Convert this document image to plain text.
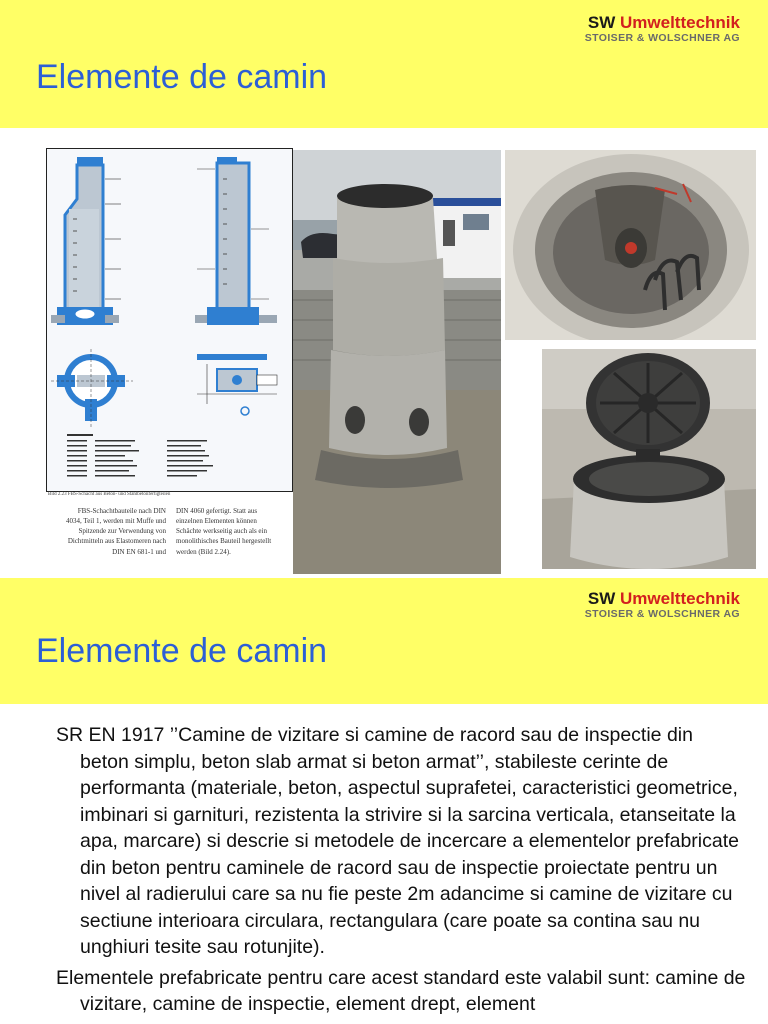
Elemente de camin
SW Umwelttechnik
STOISER & WOLSCHNER AG
Bild 2.23 FBS-Schacht aus Beton- und Stahlbetonfertigteilen
FBS-Schachtbauteile nach DIN 4034, Teil 1, werden mit Muffe und Spitzende zur Verwendung von Dichtmitteln aus Elastomeren nach DIN EN 681-1 und
DIN 4060 gefertigt. Statt aus einzelnen Elementen können Schächte werkseitig auch als ein monolithisches Bauteil hergestellt werden (Bild 2.24).
Elemente de camin
SW Umwelttechnik
STOISER & WOLSCHNER AG
SR EN 1917 ’’Camine de vizitare si camine de racord sau de inspectie din beton simplu, beton slab armat si beton armat’’, stabileste cerinte de performanta (materiale, beton, aspectul suprafetei, caracteristici geometrice, imbinari si garnituri, rezistenta la strivire si la sarcina verticala, etanseitate la apa, marcare) si descrie si metodele de incercare a elementelor prefabricate din beton pentru caminele de racord sau de inspectie proiectate pentru un nivel al radierului care sa nu fie peste 2m adancime si camine de vizitare cu sectiune interioara circulara, rectangulara (care poate sa contina sau nu unghiuri tesite sau rotunjite).
Elementele prefabricate pentru care acest standard este valabil sunt: camine de vizitare, camine de inspectie, element drept, element
